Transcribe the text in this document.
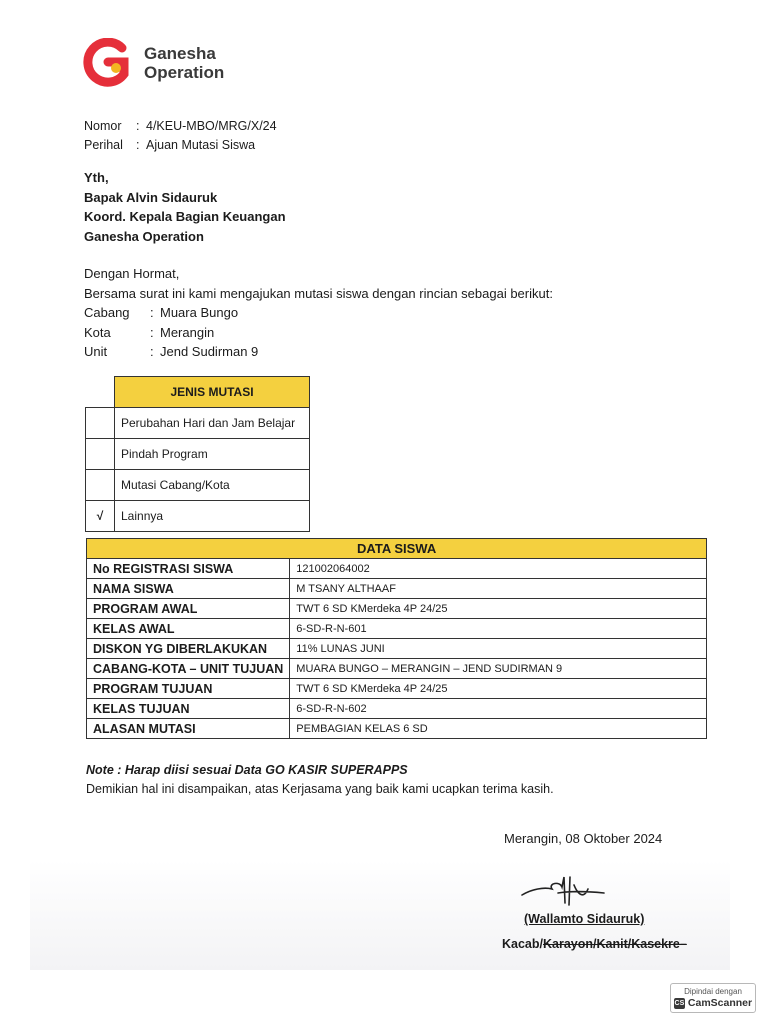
Ganesha
Operation
Nomor	: 4/KEU-MBO/MRG/X/24
Perihal	: Ajuan Mutasi Siswa
Yth,
Bapak Alvin Sidauruk
Koord. Kepala Bagian Keuangan
Ganesha Operation
Dengan Hormat,
Bersama surat ini kami mengajukan mutasi siswa dengan rincian sebagai berikut:
Cabang	: Muara Bungo
Kota	: Merangin
Unit	: Jend Sudirman 9
	JENIS MUTASI
	Perubahan Hari dan Jam Belajar
	Pindah Program
	Mutasi Cabang/Kota
√	Lainnya
DATA SISWA	
No REGISTRASI SISWA	121002064002
NAMA SISWA	M TSANY ALTHAAF
PROGRAM AWAL	TWT 6 SD KMerdeka 4P 24/25
KELAS AWAL	6-SD-R-N-601
DISKON YG DIBERLAKUKAN	11% LUNAS JUNI
CABANG-KOTA – UNIT TUJUAN	MUARA BUNGO – MERANGIN – JEND SUDIRMAN 9
PROGRAM TUJUAN	TWT 6 SD KMerdeka 4P 24/25
KELAS TUJUAN	6-SD-R-N-602
ALASAN MUTASI	PEMBAGIAN KELAS 6 SD
Note : Harap diisi sesuai Data GO KASIR SUPERAPPS
Demikian hal ini disampaikan, atas Kerjasama yang baik kami ucapkan terima kasih.
Merangin, 08 Oktober 2024
(Wallamto Sidauruk)
Kacab/Karayon/Kanit/Kasekre–
Dipindai dengan
CS CamScanner
